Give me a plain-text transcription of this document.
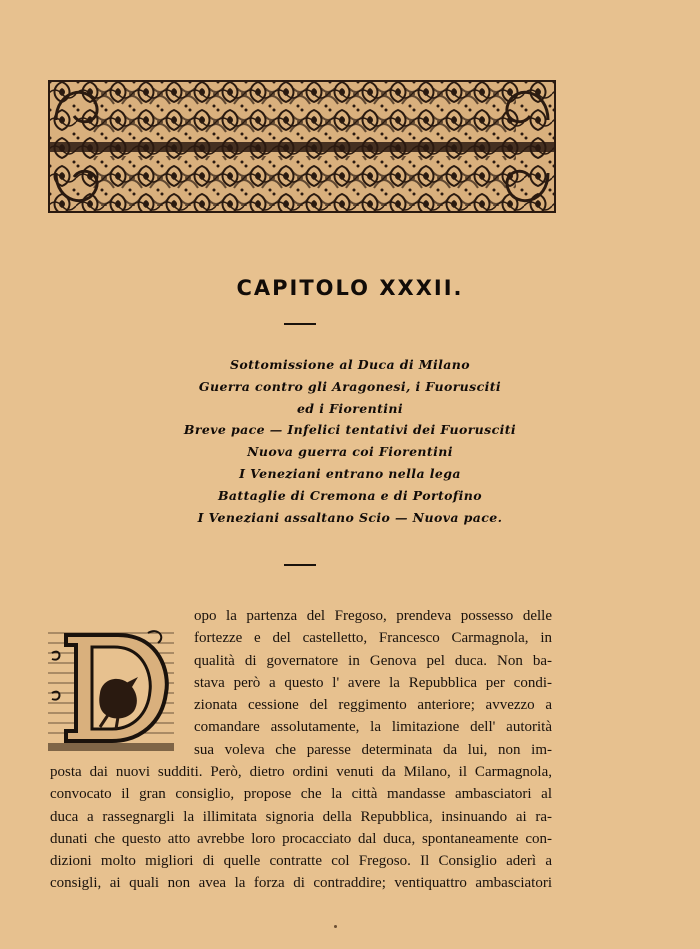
CAPITOLO XXXII.
Sottomissione al Duca di Milano
Guerra contro gli Aragonesi, i Fuorusciti
ed i Fiorentini
Breve pace — Infelici tentativi dei Fuorusciti
Nuova guerra coi Fiorentini
I Veneziani entrano nella lega
Battaglie di Cremona e di Portofino
I Veneziani assaltano Scio — Nuova pace.
opo la partenza del Fregoso, prendeva possesso delle
fortezze e del castelletto, Francesco Carmagnola, in
qualità di governatore in Genova pel duca. Non ba-
stava però a questo l' avere la Repubblica per condi-
zionata cessione del reggimento anteriore; avvezzo a
comandare assolutamente, la limitazione dell' autorità
sua voleva che paresse determinata da lui, non im-
posta dai nuovi sudditi. Però, dietro ordini venuti da Milano, il Carmagnola,
convocato il gran consiglio, propose che la città mandasse ambasciatori al
duca a rassegnargli la illimitata signoria della Repubblica, insinuando ai ra-
dunati che questo atto avrebbe loro procacciato dal duca, spontaneamente con-
dizioni molto migliori di quelle contratte col Fregoso. Il Consiglio aderì a
consigli, ai quali non avea la forza di contraddire; ventiquattro ambasciatori
